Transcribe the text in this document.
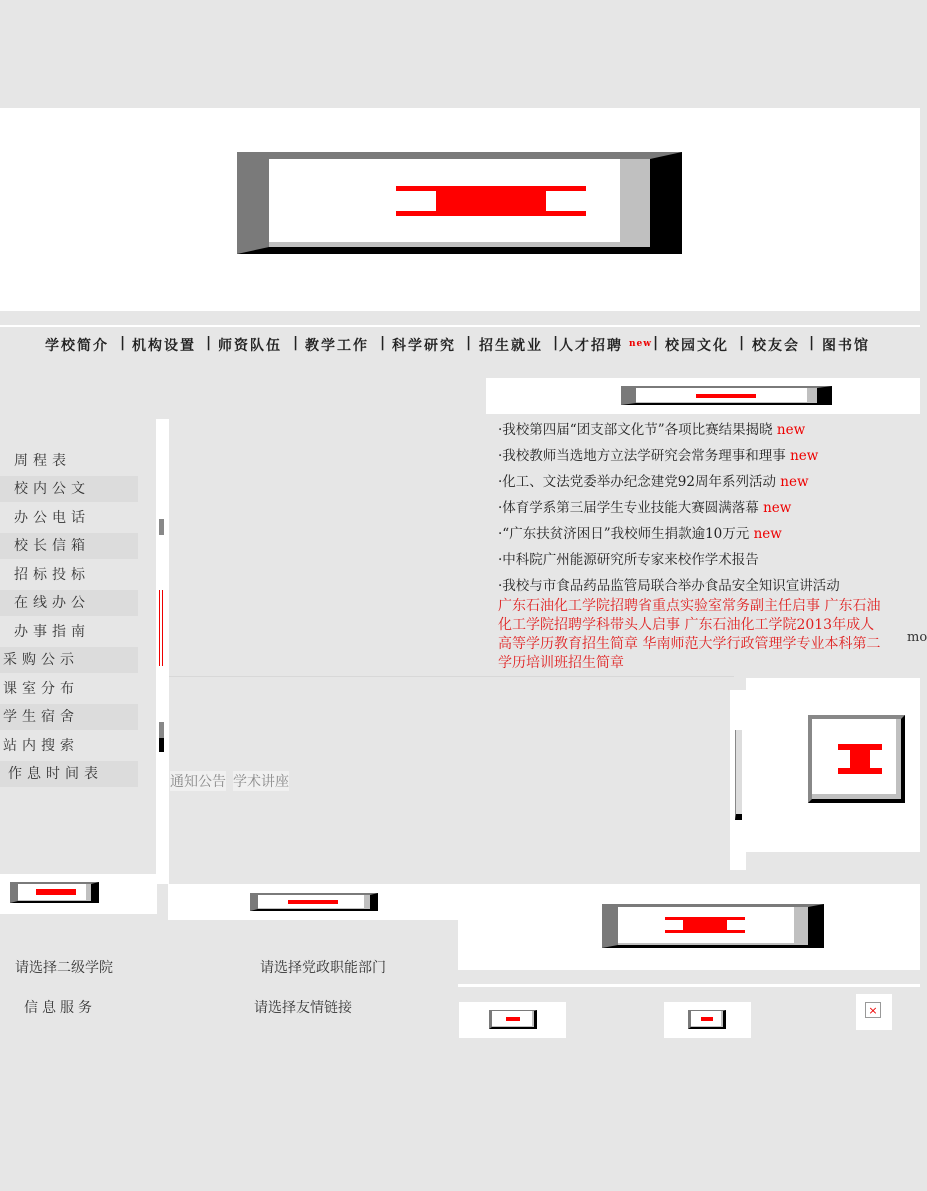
学校简介 | 机构设置 | 师资队伍 | 教学工作 | 科学研究 | 招生就业 |
人才招聘 new | 校园文化 | 校友会 | 图书馆
周程表
校内公文
办公电话
校长信箱
招标投标
在线办公
办事指南
采购公示
课室分布
学生宿舍
站内搜索
作息时间表
·我校第四届“团支部文化节”各项比赛结果揭晓 new
·我校教师当选地方立法学研究会常务理事和理事 new
·化工、文法党委举办纪念建党92周年系列活动 new
·体育学系第三届学生专业技能大赛圆满落幕 new
·“广东扶贫济困日”我校师生捐款逾10万元 new
·中科院广州能源研究所专家来校作学术报告
·我校与市食品药品监管局联合举办食品安全知识宣讲活动
广东石油化工学院招聘省重点实验室常务副主任启事 广东石油化工学院招聘学科带头人启事 广东石油化工学院2013年成人高等学历教育招生简章 华南师范大学行政管理学专业本科第二学历培训班招生简章
mo
通知公告 学术讲座
请选择二级学院	请选择党政职能部门
信息服务	请选择友情链接	×
